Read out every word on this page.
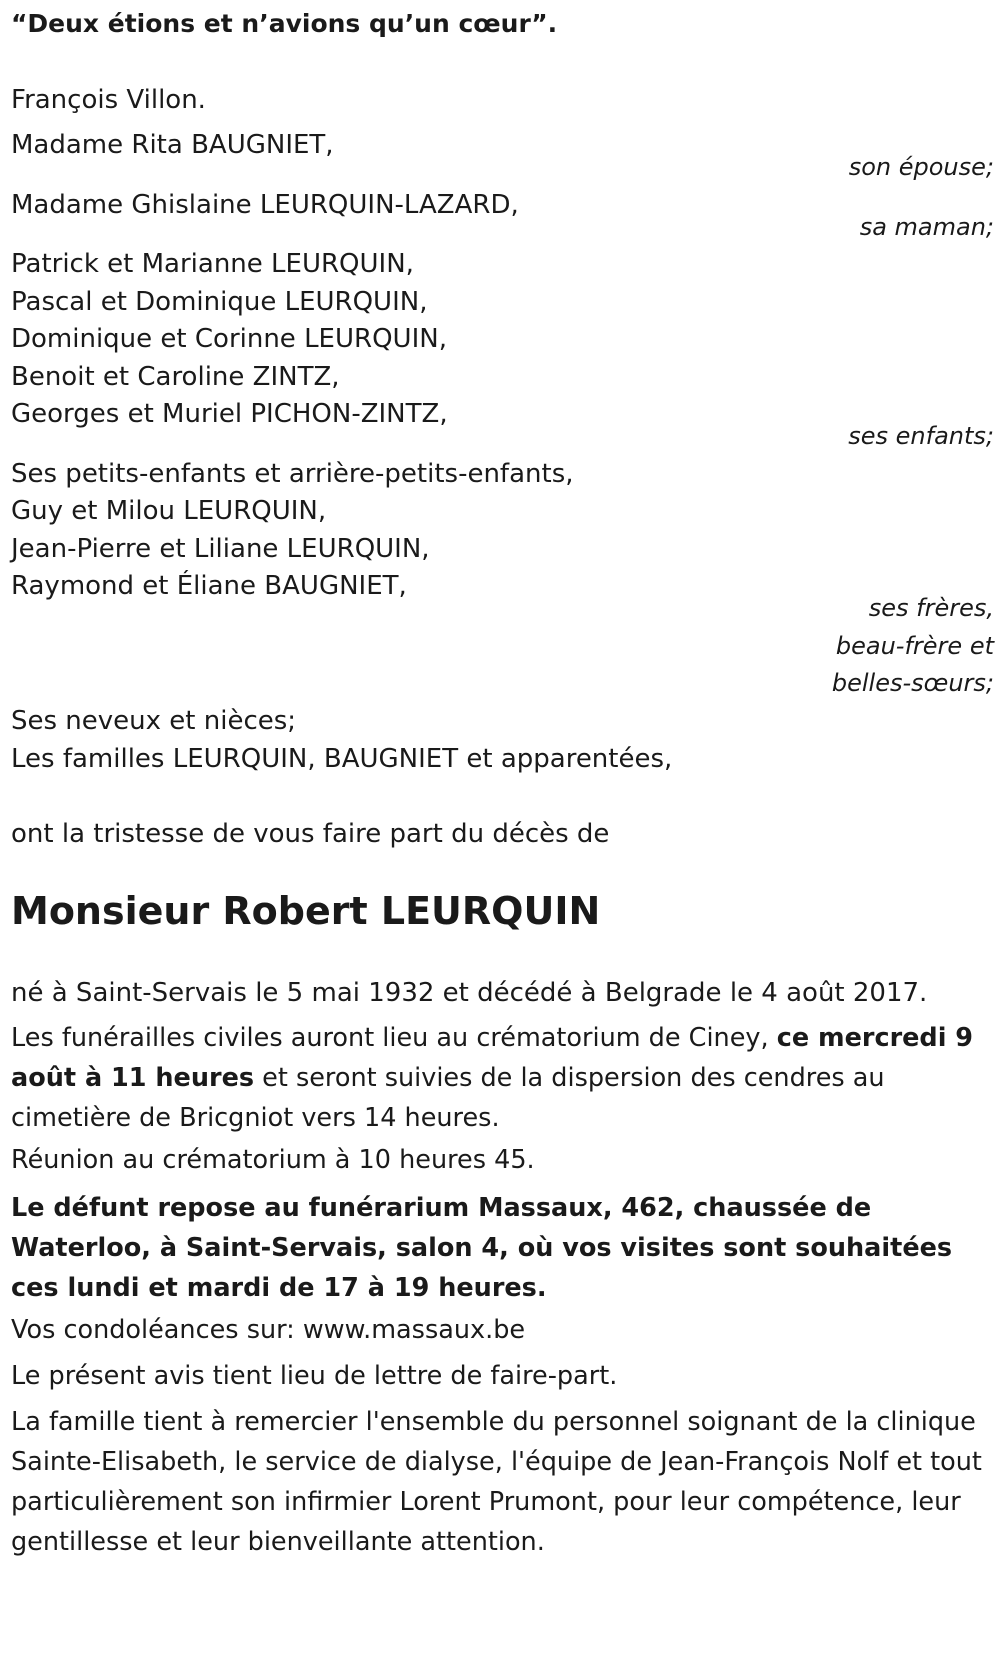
“Deux étions et n’avions qu’un cœur”.
François Villon.
Madame Rita BAUGNIET,
son épouse;
Madame Ghislaine LEURQUIN-LAZARD,
sa maman;
Patrick et Marianne LEURQUIN,
Pascal et Dominique LEURQUIN,
Dominique et Corinne LEURQUIN,
Benoit et Caroline ZINTZ,
Georges et Muriel PICHON-ZINTZ,
ses enfants;
Ses petits-enfants et arrière-petits-enfants,
Guy et Milou LEURQUIN,
Jean-Pierre et Liliane LEURQUIN,
Raymond et Éliane BAUGNIET,
ses frères,
beau-frère et
belles-sœurs;
Ses neveux et nièces;
Les familles LEURQUIN, BAUGNIET et apparentées,
ont la tristesse de vous faire part du décès de
Monsieur Robert LEURQUIN
né à Saint-Servais le 5 mai 1932 et décédé à Belgrade le 4 août 2017.

Les funérailles civiles auront lieu au crématorium de Ciney, ce mercredi 9 août à 11 heures et seront suivies de la dispersion des cendres au cimetière de Bricgniot vers 14 heures.

Réunion au crématorium à 10 heures 45.

Le défunt repose au funérarium Massaux, 462, chaussée de Waterloo, à Saint-Servais, salon 4, où vos visites sont souhaitées ces lundi et mardi de 17 à 19 heures.

Vos condoléances sur: www.massaux.be

Le présent avis tient lieu de lettre de faire-part.

La famille tient à remercier l'ensemble du personnel soignant de la clinique Sainte-Elisabeth, le service de dialyse, l'équipe de Jean-François Nolf et tout particulièrement son infirmier Lorent Prumont, pour leur compétence, leur gentillesse et leur bienveillante attention.
